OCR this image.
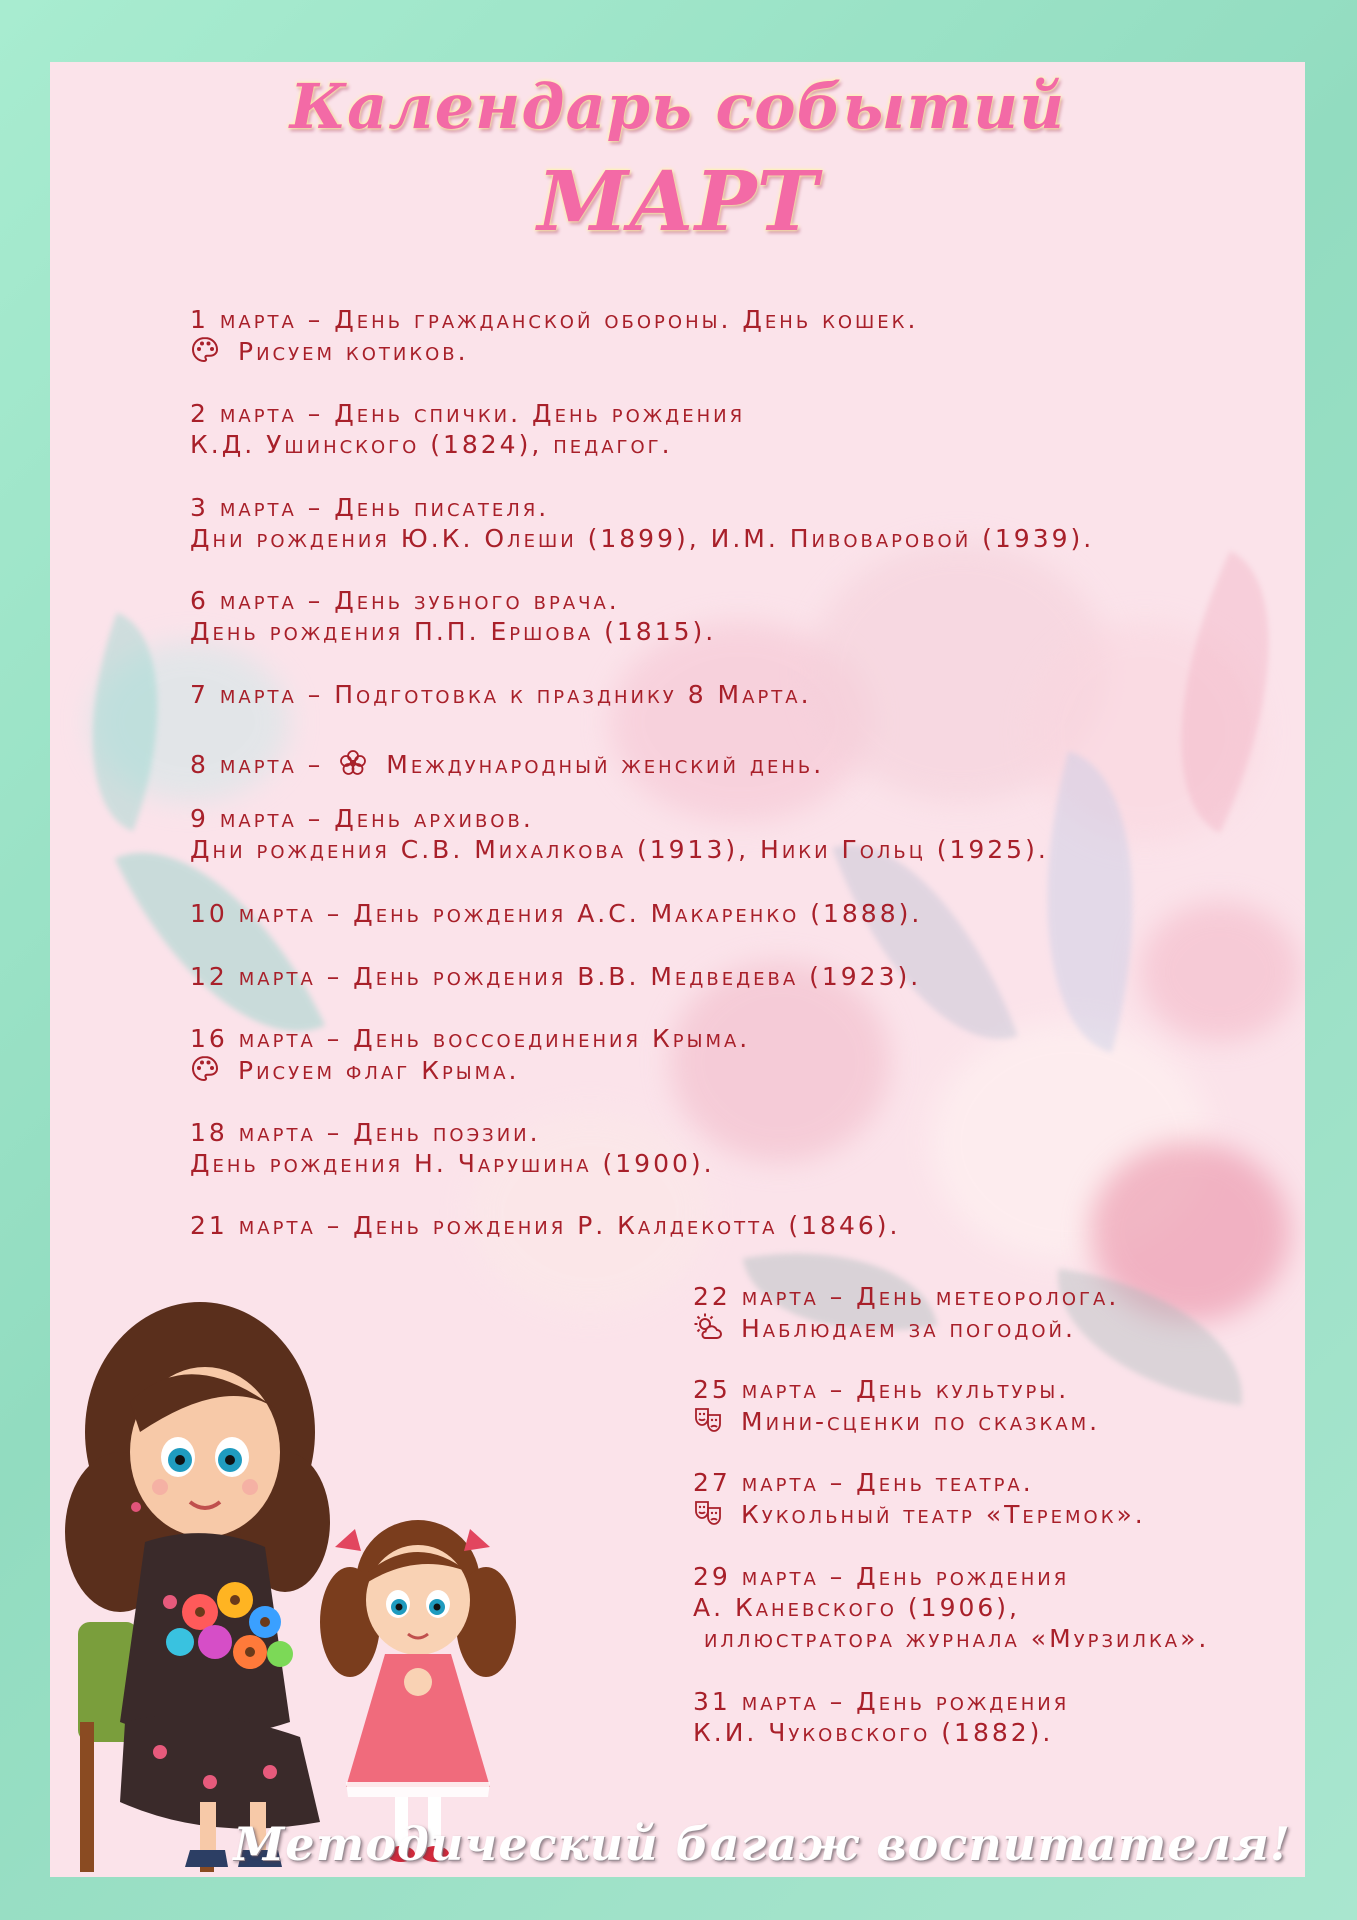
Календарь событий
МАРТ
1 марта – День гражданской обороны. День кошек.
Рисуем котиков.
2 марта – День спички. День рождения
К.Д. Ушинского (1824), педагог.
3 марта – День писателя.
Дни рождения Ю.К. Олеши (1899), И.М. Пивоваровой (1939).
6 марта – День зубного врача.
День рождения П.П. Ершова (1815).
7 марта – Подготовка к празднику 8 Марта.
8 марта –	Международный женский день.
9 марта – День архивов.
Дни рождения С.В. Михалкова (1913), Ники Гольц (1925).
10 марта – День рождения А.С. Макаренко (1888).
12 марта – День рождения В.В. Медведева (1923).
16 марта – День воссоединения Крыма.
Рисуем флаг Крыма.
18 марта – День поэзии.
День рождения Н. Чарушина (1900).
21 марта – День рождения Р. Калдекотта (1846).
22 марта – День метеоролога.
Наблюдаем за погодой.
25 марта – День культуры.
Мини-сценки по сказкам.
27 марта – День театра.
Кукольный театр «Теремок».
29 марта – День рождения
А. Каневского (1906),
иллюстратора журнала «Мурзилка».
31 марта – День рождения
К.И. Чуковского (1882).

Методический багаж воспитателя!
